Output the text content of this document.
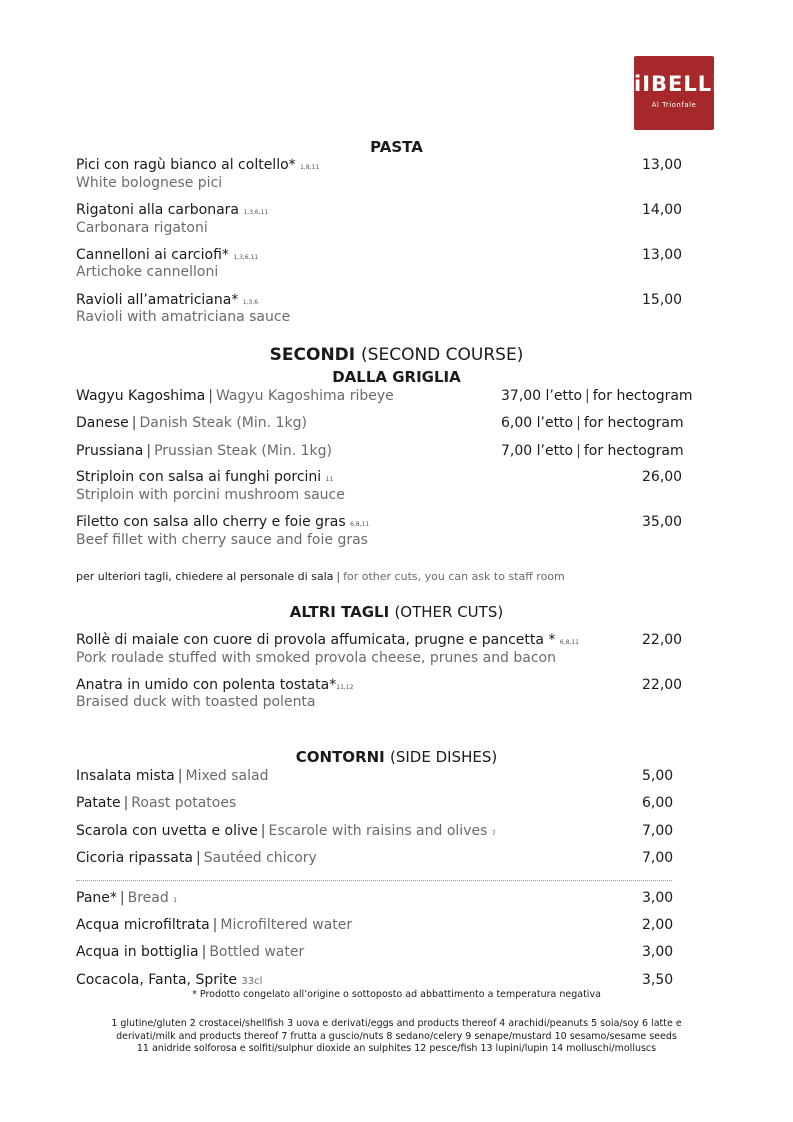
iIBELLi
Al Trionfale
PASTA
Pici con ragù bianco al coltello* 1,8,11
White bolognese pici
13,00
Rigatoni alla carbonara 1,3,6,11
Carbonara rigatoni
14,00
Cannelloni ai carciofi* 1,3,6,11
Artichoke cannelloni
13,00
Ravioli all’amatriciana* 1,3,6
Ravioli with amatriciana sauce
15,00
SECONDI (SECOND COURSE)
DALLA GRIGLIA
Wagyu Kagoshima | Wagyu Kagoshima ribeye	37,00 l’etto | for hectogram
Danese | Danish Steak (Min. 1kg)	6,00 l’etto | for hectogram
Prussiana | Prussian Steak (Min. 1kg)	7,00 l’etto | for hectogram
Striploin con salsa ai funghi porcini 11
Striploin with porcini mushroom sauce
26,00
Filetto con salsa allo cherry e foie gras 6,8,11
Beef fillet with cherry sauce and foie gras
35,00
per ulteriori tagli, chiedere al personale di sala | for other cuts, you can ask to staff room
ALTRI TAGLI (OTHER CUTS)
Rollè di maiale con cuore di provola affumicata, prugne e pancetta * 6,8,11
Pork roulade stuffed with smoked provola cheese, prunes and bacon
22,00
Anatra in umido con polenta tostata*11,12
Braised duck with toasted polenta
22,00
CONTORNI (SIDE DISHES)
Insalata mista | Mixed salad	5,00
Patate | Roast potatoes	6,00
Scarola con uvetta e olive | Escarole with raisins and olives 7	7,00
Cicoria ripassata | Sautéed chicory	7,00
Pane* | Bread 1	3,00
Acqua microfiltrata | Microfiltered water	2,00
Acqua in bottiglia | Bottled water	3,00
Cocacola, Fanta, Sprite 33cl	3,50
* Prodotto congelato all’origine o sottoposto ad abbattimento a temperatura negativa
1 glutine/gluten 2 crostacei/shellfish 3 uova e derivati/eggs and products thereof 4 arachidi/peanuts 5 soia/soy 6 latte e
derivati/milk and products thereof 7 frutta a guscio/nuts 8 sedano/celery 9 senape/mustard 10 sesamo/sesame seeds
11 anidride solforosa e solfiti/sulphur dioxide an sulphites 12 pesce/fish 13 lupini/lupin 14 molluschi/molluscs
